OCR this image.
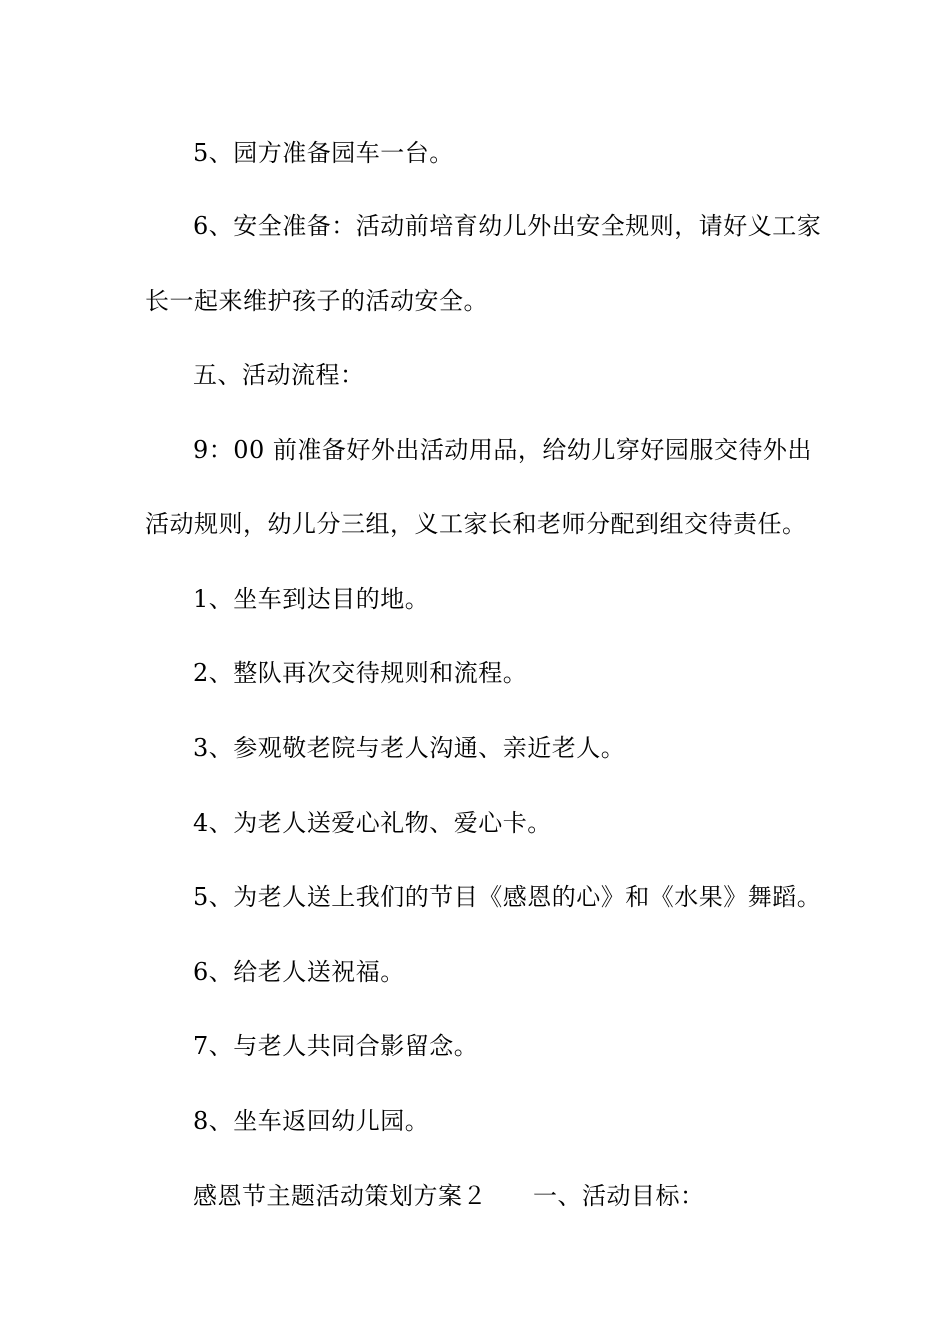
5、园方准备园车一台。
6、安全准备：活动前培育幼儿外出安全规则，请好义工家
长一起来维护孩子的活动安全。
五、活动流程：
9：00 前准备好外出活动用品，给幼儿穿好园服交待外出
活动规则，幼儿分三组，义工家长和老师分配到组交待责任。
1、坐车到达目的地。
2、整队再次交待规则和流程。
3、参观敬老院与老人沟通、亲近老人。
4、为老人送爱心礼物、爱心卡。
5、为老人送上我们的节目《感恩的心》和《水果》舞蹈。
6、给老人送祝福。
7、与老人共同合影留念。
8、坐车返回幼儿园。
感恩节主题活动策划方案２ 一、活动目标：
